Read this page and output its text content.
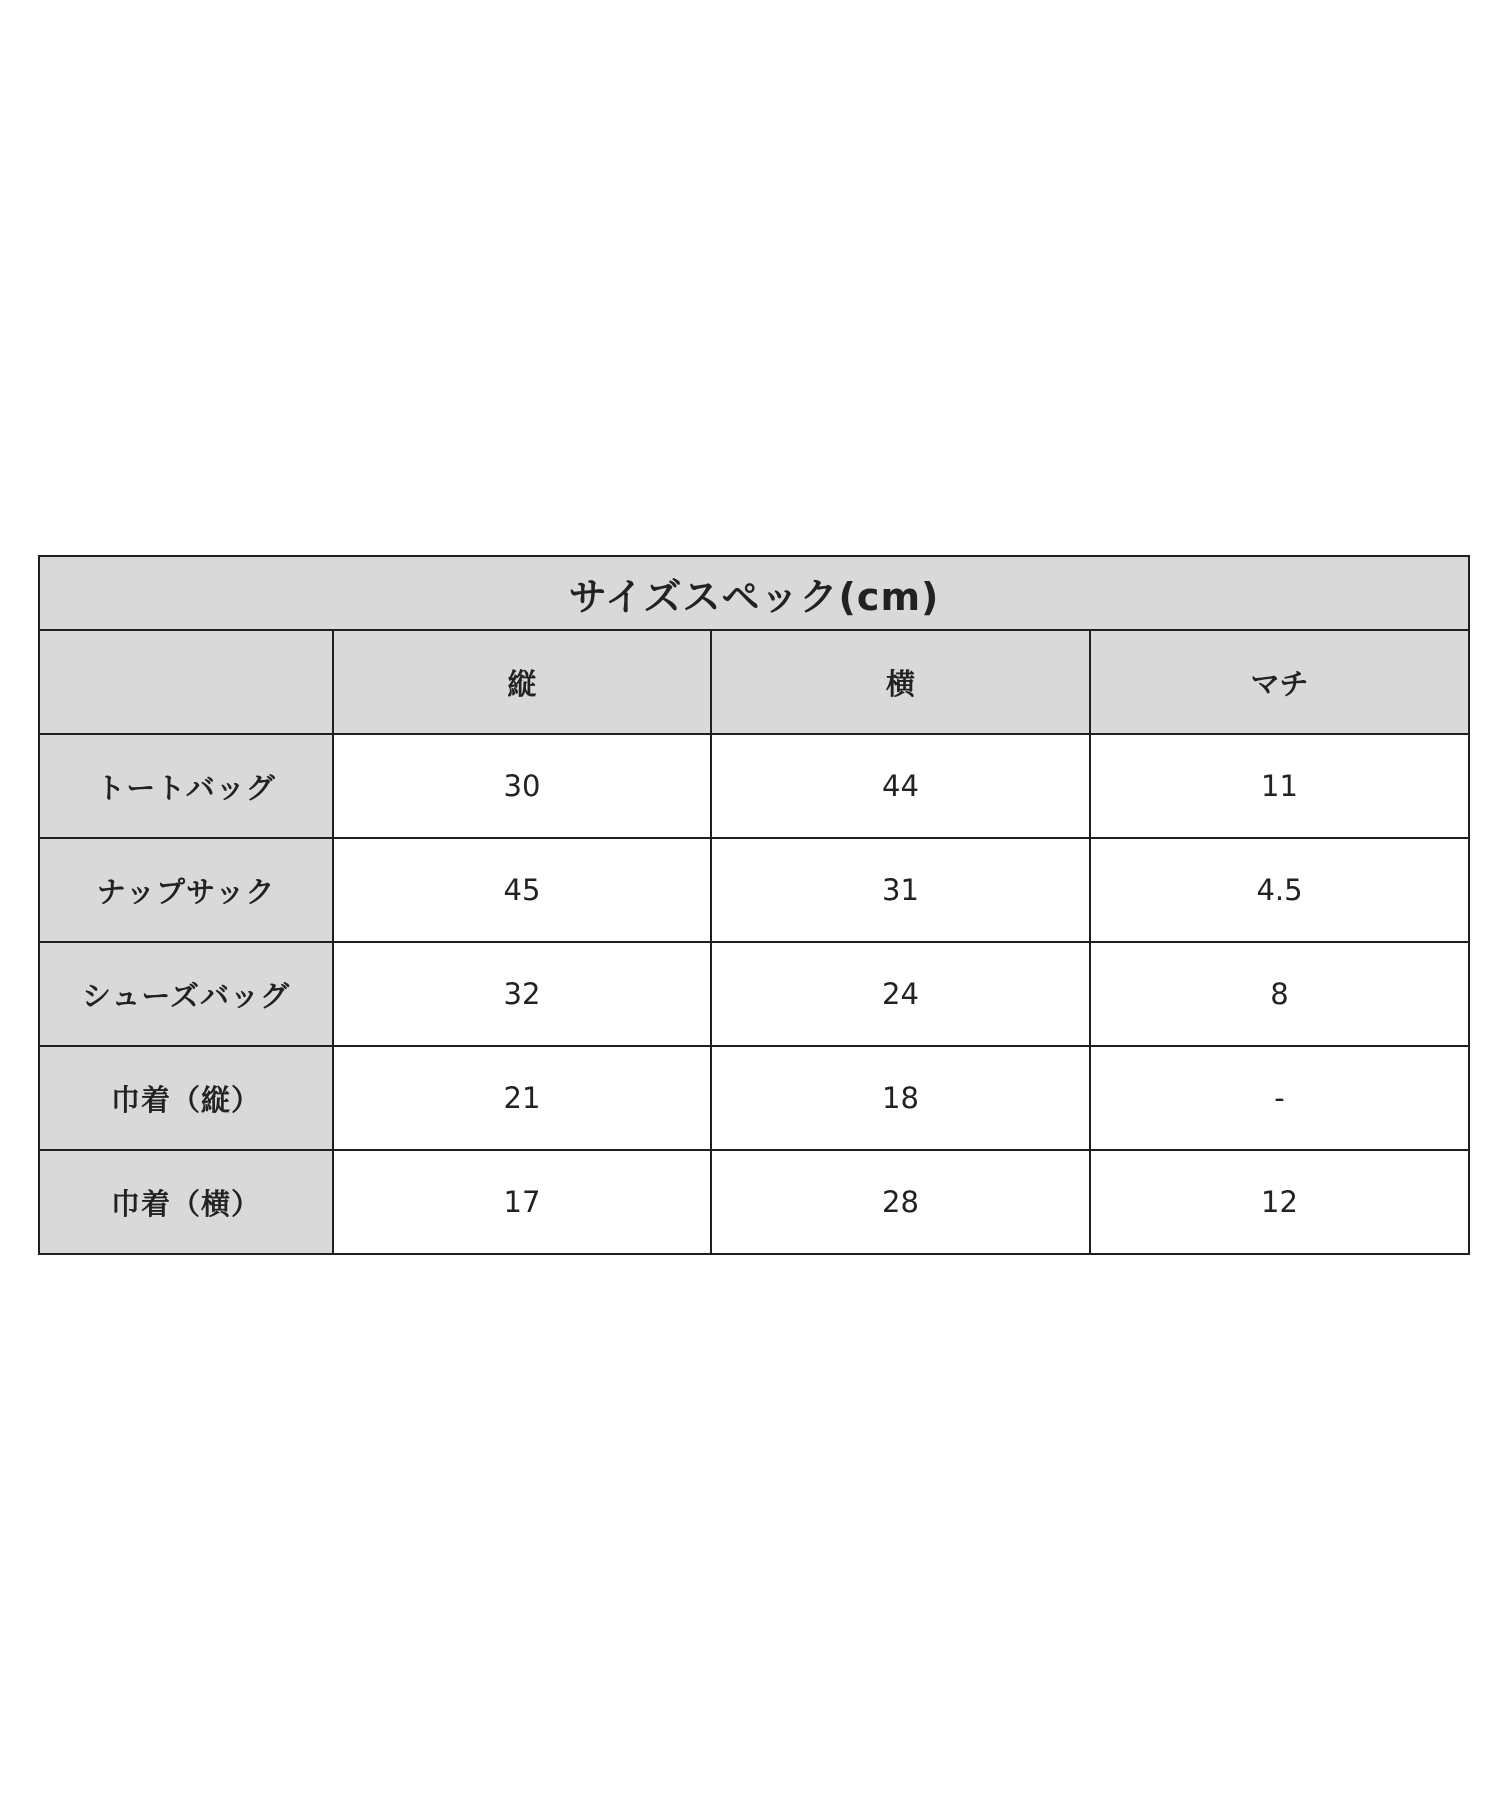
サイズスペック(cm)			
	縦	横	マチ
トートバッグ	30	44	11
ナップサック	45	31	4.5
シューズバッグ	32	24	8
巾着（縦）	21	18	-
巾着（横）	17	28	12
